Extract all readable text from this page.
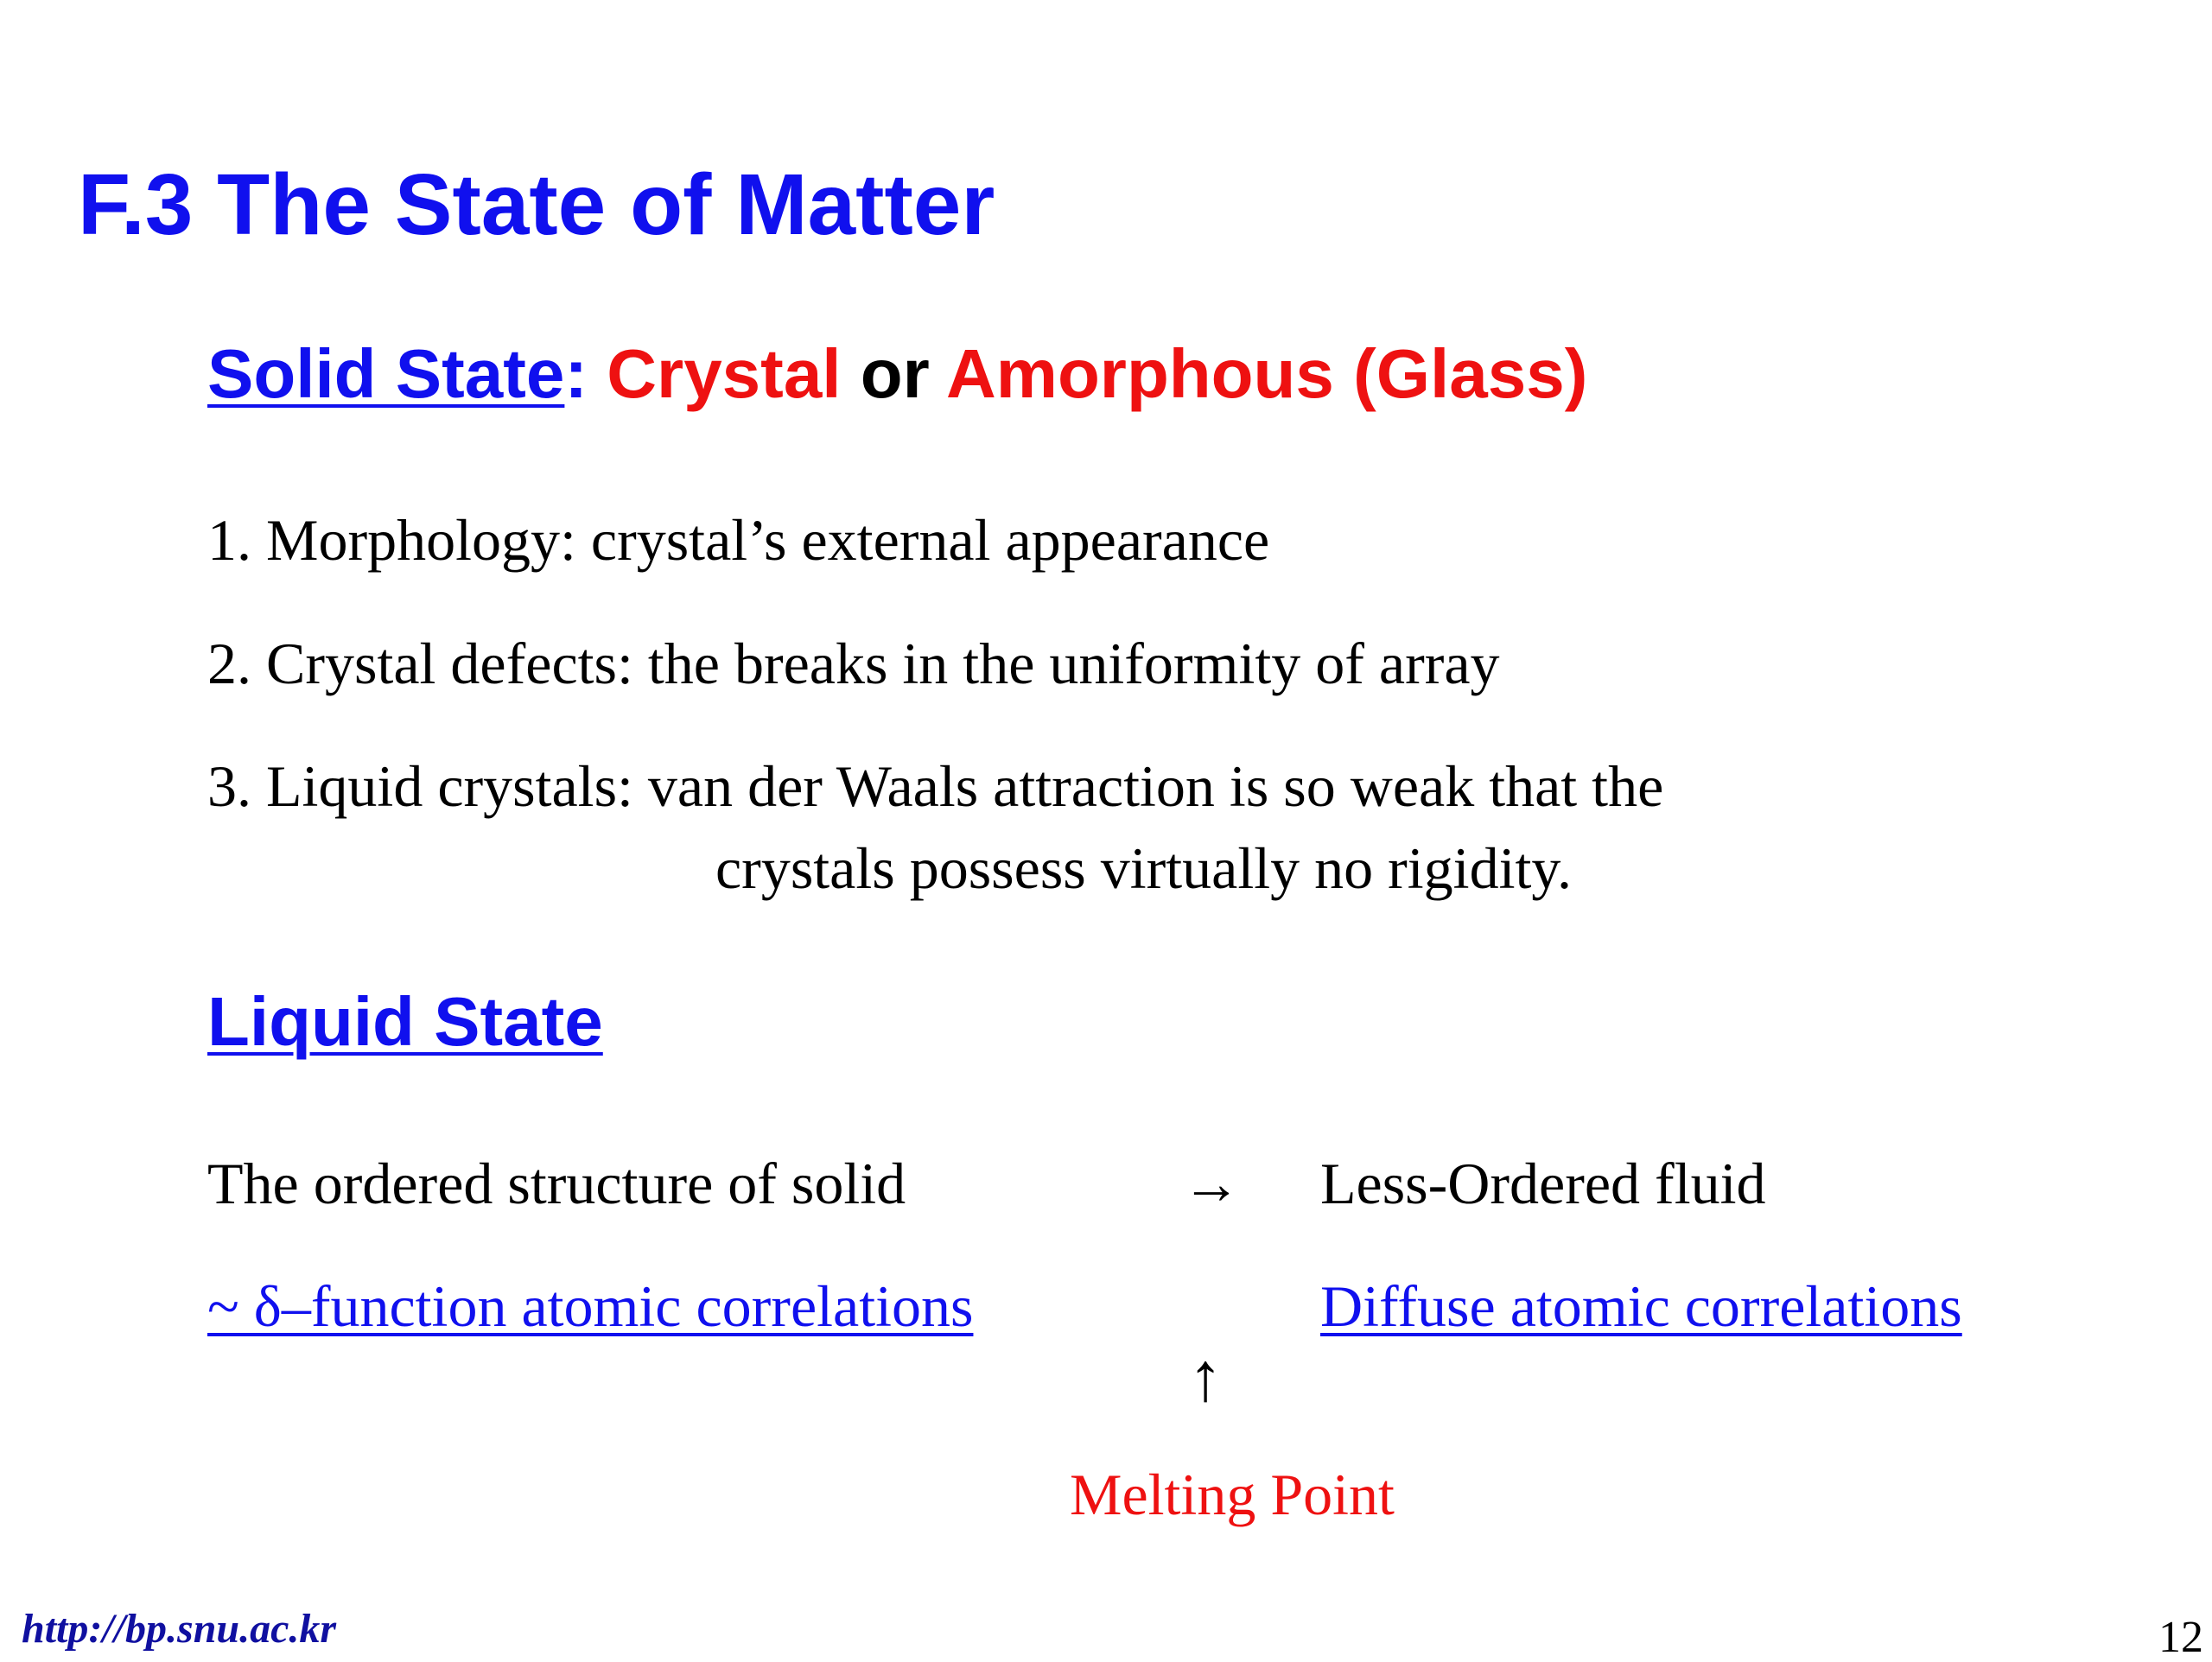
F.3 The State of Matter
Solid State: Crystal or Amorphous (Glass)
1. Morphology: crystal’s external appearance
2. Crystal defects: the breaks in the uniformity of array
3. Liquid crystals: van der Waals attraction is so weak that the
crystals possess virtually no rigidity.
Liquid State
The ordered structure of solid	→ Less-Ordered fluid
~ δ–function atomic correlations	Diffuse atomic correlations
↑
Melting Point
http://bp.snu.ac.kr	12
